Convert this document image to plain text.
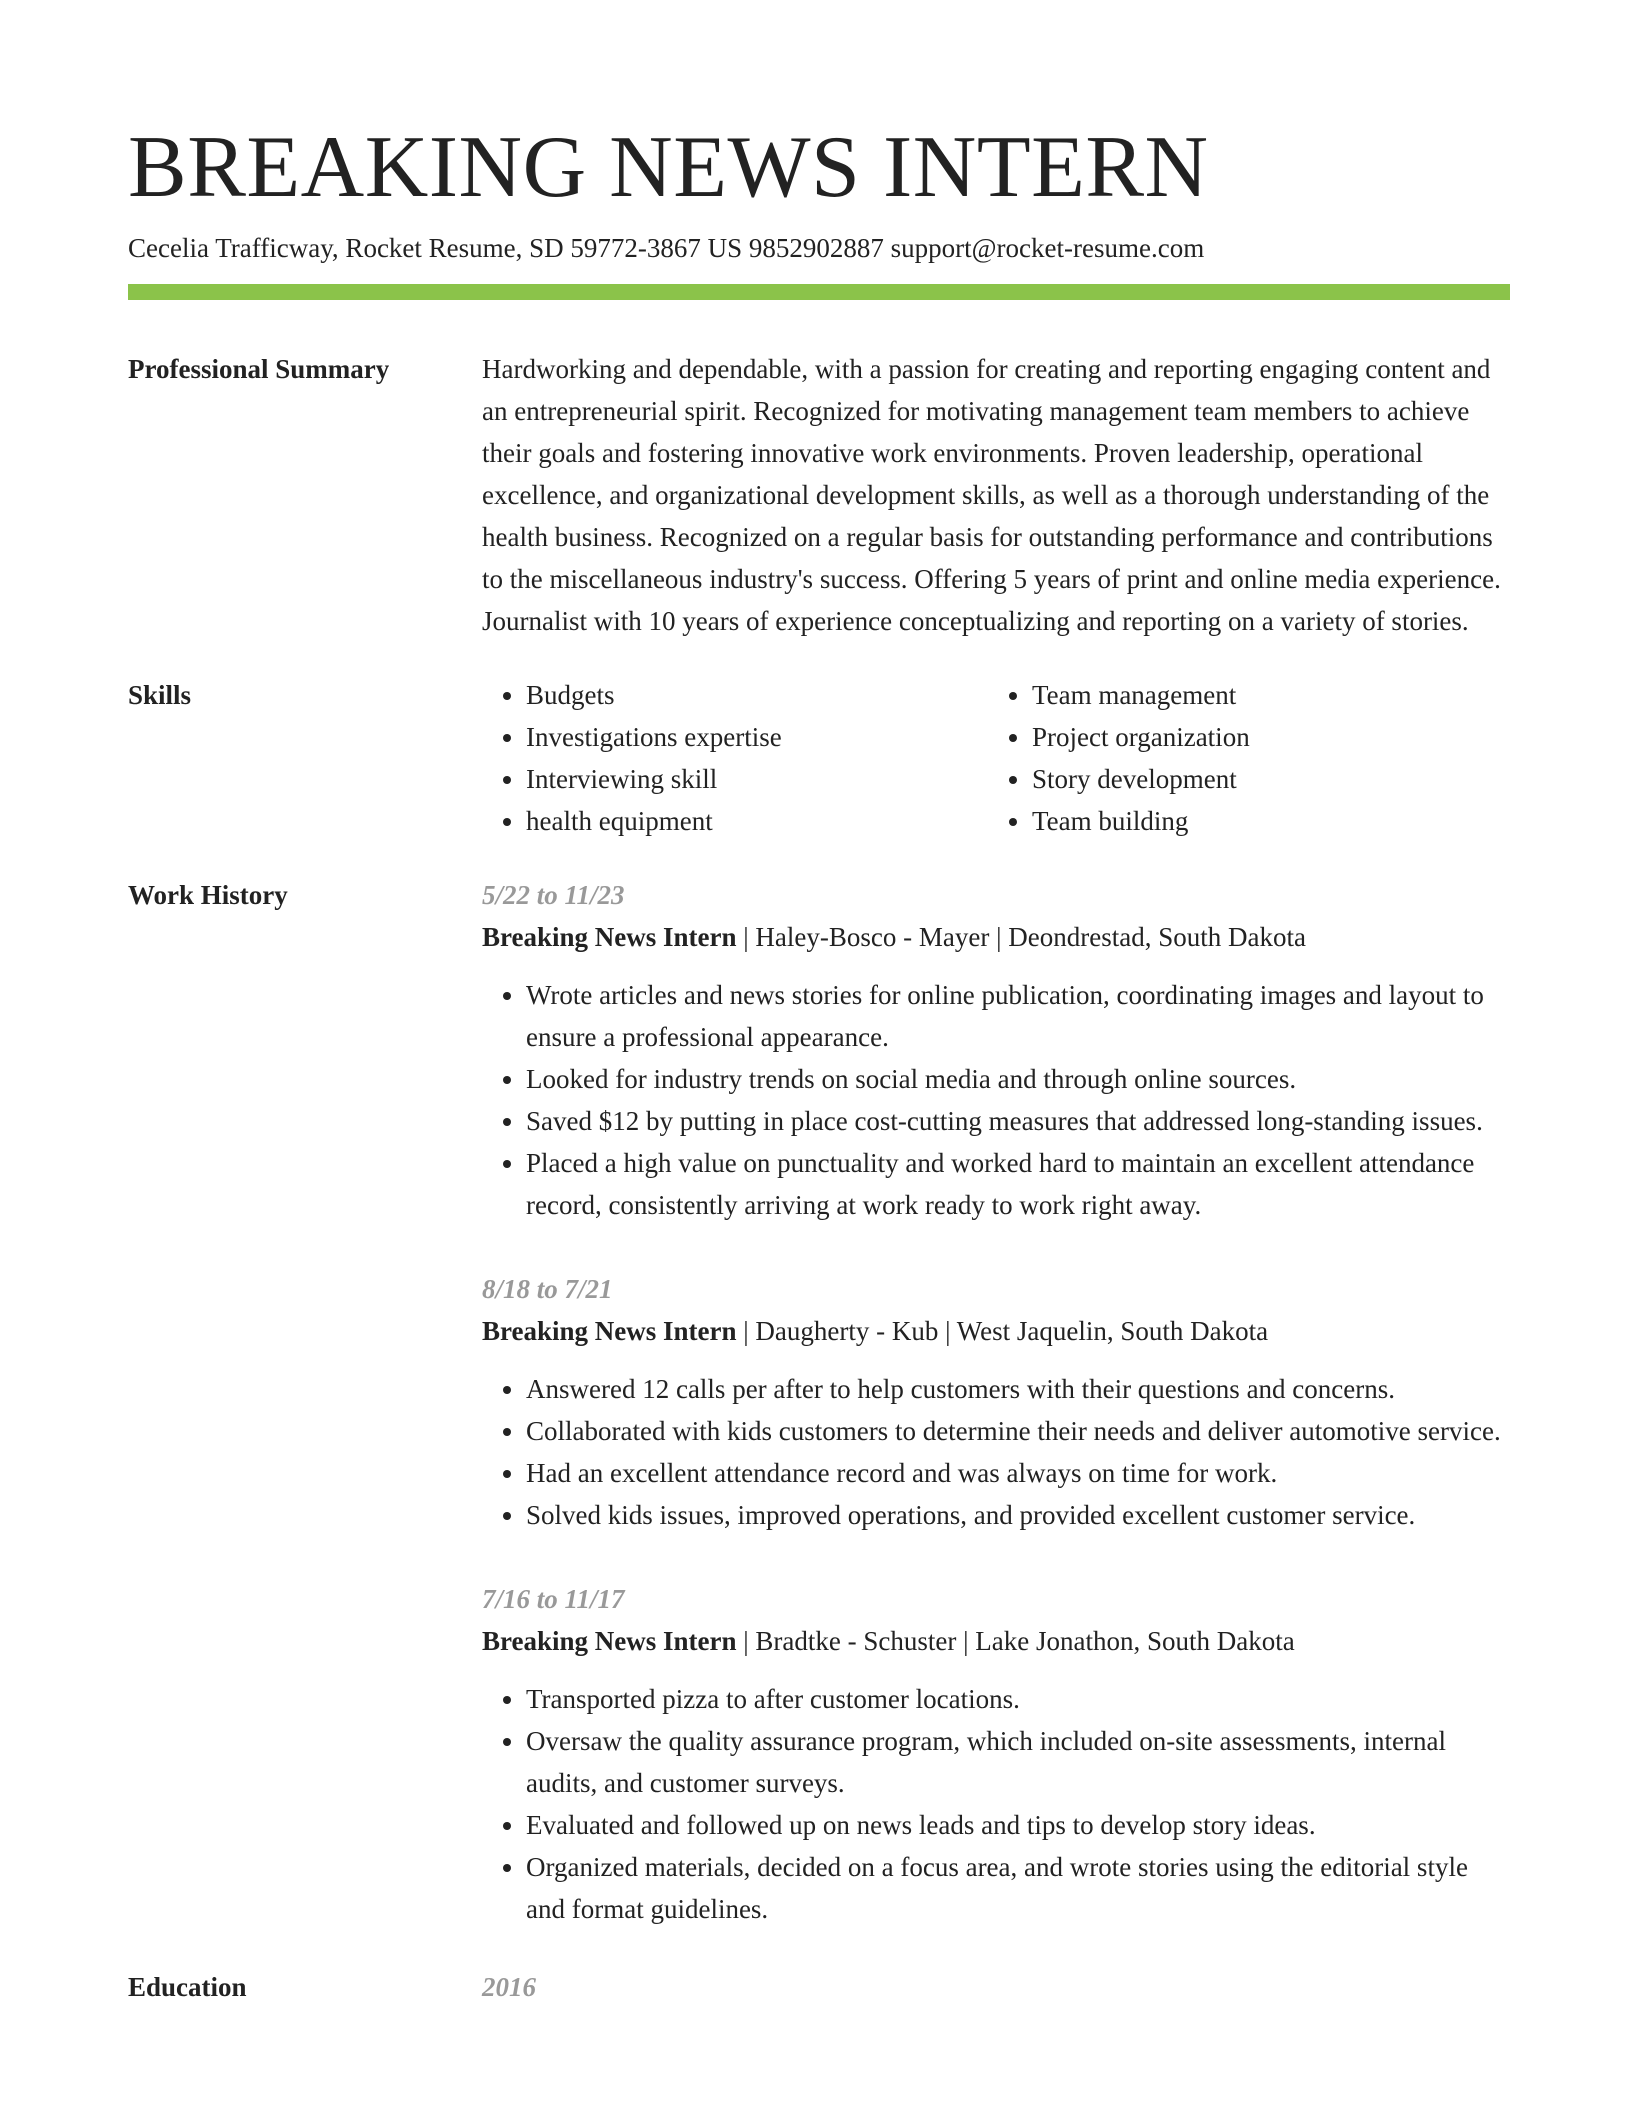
BREAKING NEWS INTERN
Cecelia Trafficway, Rocket Resume, SD 59772-3867 US 9852902887 support@rocket-resume.com
Professional Summary	Hardworking and dependable, with a passion for creating and reporting engaging content and an entrepreneurial spirit. Recognized for motivating management team members to achieve their goals and fostering innovative work environments. Proven leadership, operational excellence, and organizational development skills, as well as a thorough understanding of the health business. Recognized on a regular basis for outstanding performance and contributions to the miscellaneous industry's success. Offering 5 years of print and online media experience. Journalist with 10 years of experience conceptualizing and reporting on a variety of stories.
Skills
•	Budgets
• Investigations expertise
• Interviewing skill
• health equipment
• Team management
• Project organization
• Story development
• Team building
Work History	5/22 to 11/23
Breaking News Intern | Haley-Bosco - Mayer | Deondrestad, South Dakota
• Wrote articles and news stories for online publication, coordinating images and layout to ensure a professional appearance.
• Looked for industry trends on social media and through online sources.
• Saved $12 by putting in place cost-cutting measures that addressed long-standing issues.
• Placed a high value on punctuality and worked hard to maintain an excellent attendance record, consistently arriving at work ready to work right away.
8/18 to 7/21
Breaking News Intern | Daugherty - Kub | West Jaquelin, South Dakota
• Answered 12 calls per after to help customers with their questions and concerns.
• Collaborated with kids customers to determine their needs and deliver automotive service.
• Had an excellent attendance record and was always on time for work.
• Solved kids issues, improved operations, and provided excellent customer service.
7/16 to 11/17
Breaking News Intern | Bradtke - Schuster | Lake Jonathon, South Dakota
• Transported pizza to after customer locations.
• Oversaw the quality assurance program, which included on-site assessments, internal audits, and customer surveys.
• Evaluated and followed up on news leads and tips to develop story ideas.
• Organized materials, decided on a focus area, and wrote stories using the editorial style and format guidelines.
Education	2016
